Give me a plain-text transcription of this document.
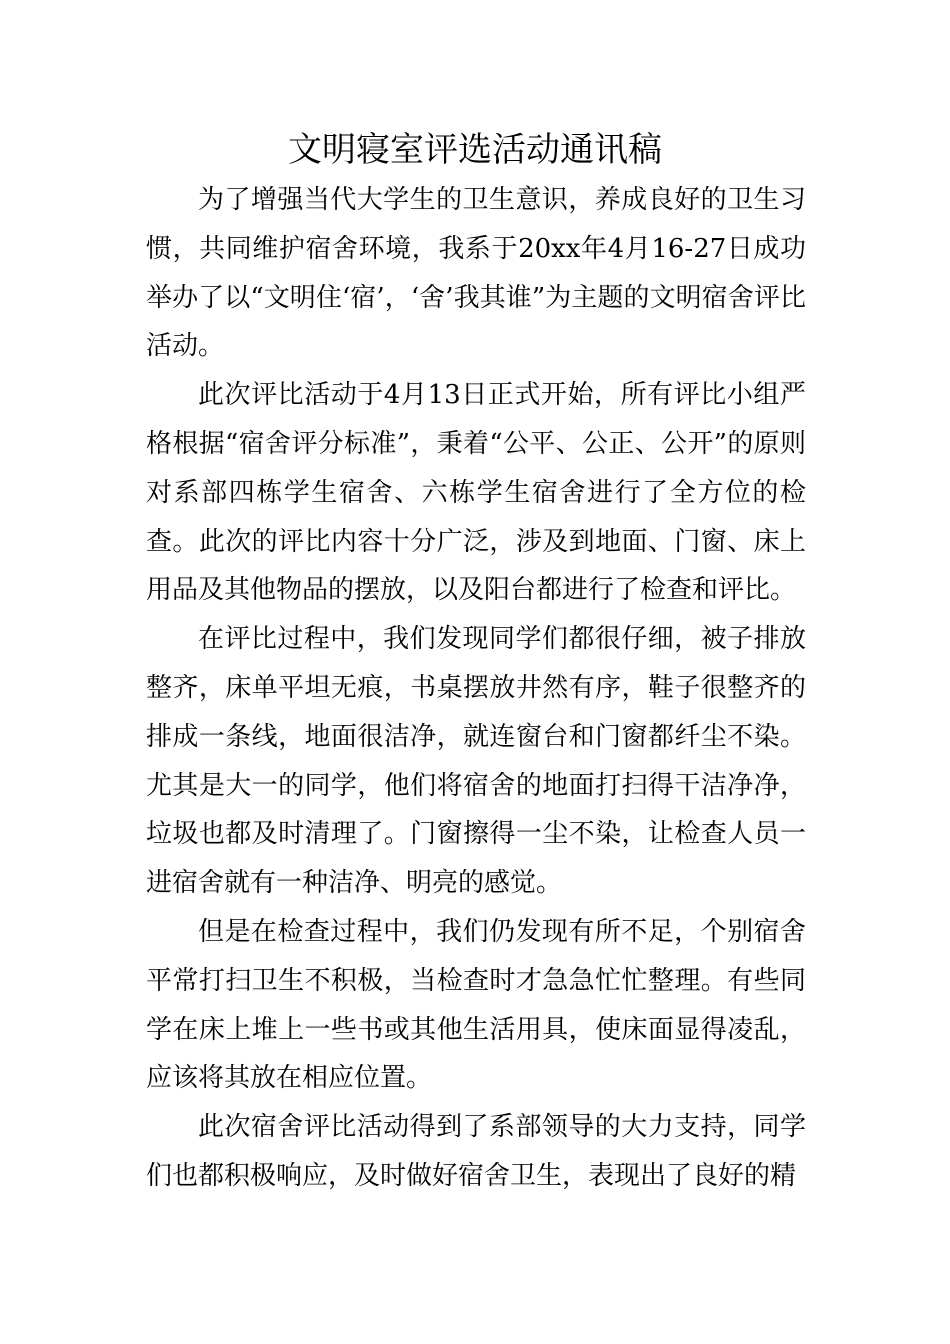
文明寝室评选活动通讯稿

为了增强当代大学生的卫生意识，养成良好的卫生习惯，共同维护宿舍环境，我系于20xx年4月16-27日成功举办了以“文明住‘宿’，‘舍’我其谁”为主题的文明宿舍评比活动。

此次评比活动于4月13日正式开始，所有评比小组严格根据“宿舍评分标准”，秉着“公平、公正、公开”的原则对系部四栋学生宿舍、六栋学生宿舍进行了全方位的检查。此次的评比内容十分广泛，涉及到地面、门窗、床上用品及其他物品的摆放，以及阳台都进行了检查和评比。

在评比过程中，我们发现同学们都很仔细，被子排放整齐，床单平坦无痕，书桌摆放井然有序，鞋子很整齐的排成一条线，地面很洁净，就连窗台和门窗都纤尘不染。尤其是大一的同学，他们将宿舍的地面打扫得干洁净净，垃圾也都及时清理了。门窗擦得一尘不染，让检查人员一进宿舍就有一种洁净、明亮的感觉。

但是在检查过程中，我们仍发现有所不足，个别宿舍平常打扫卫生不积极，当检查时才急急忙忙整理。有些同学在床上堆上一些书或其他生活用具，使床面显得凌乱，应该将其放在相应位置。

此次宿舍评比活动得到了系部领导的大力支持，同学们也都积极响应，及时做好宿舍卫生，表现出了良好的精
